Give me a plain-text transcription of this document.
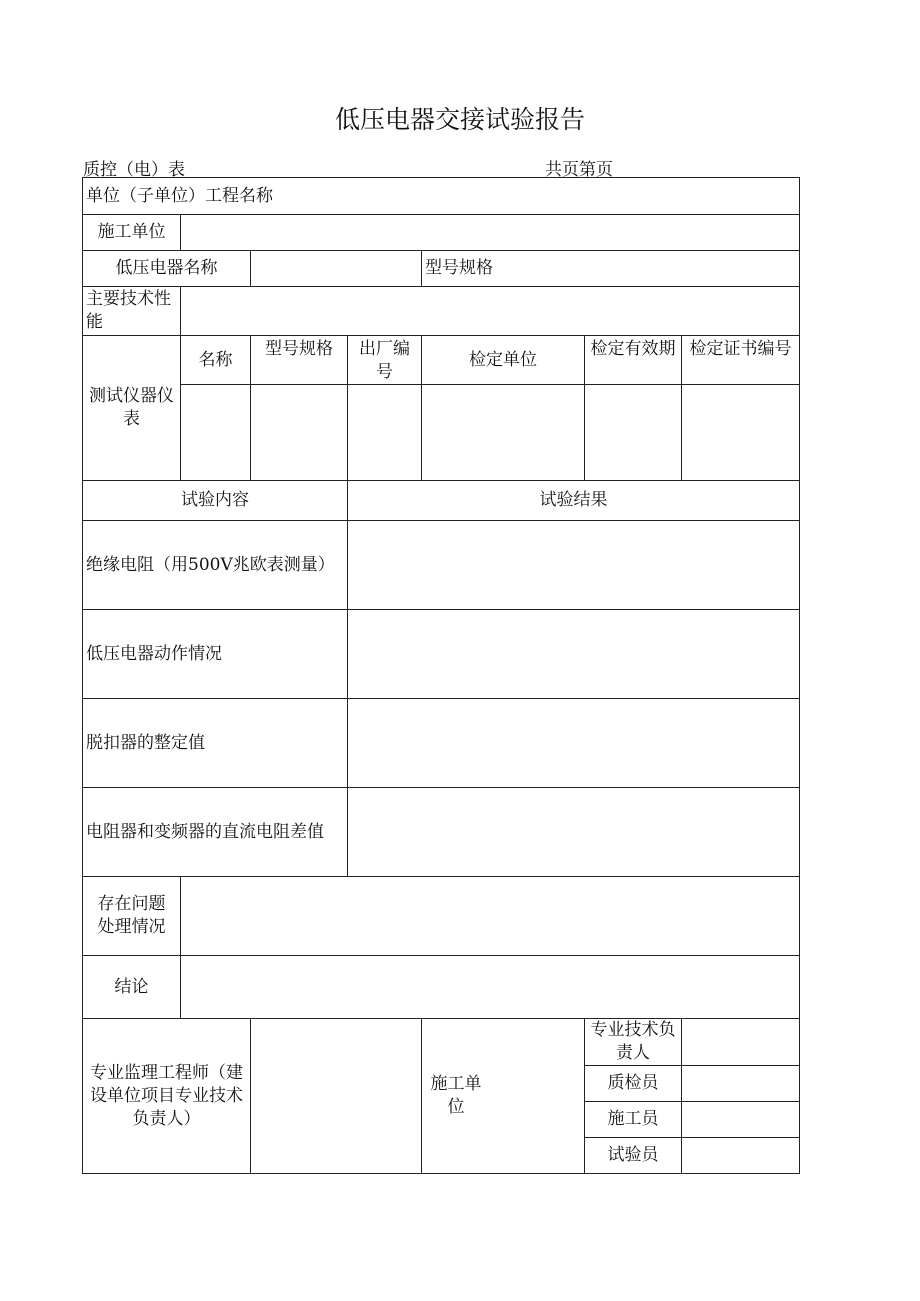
低压电器交接试验报告
质控（电）表	共页第页
单位（子单位）工程名称						
施工单位						
低压电器名称				型号规格		
主要技术性能						
测试仪器仪表	名称	型号规格	出厂编号	检定单位	检定有效期	检定证书编号

试验内容			试验结果			
绝缘电阻（用500V兆欧表测量）						
低压电器动作情况						
脱扣器的整定值						
电阻器和变频器的直流电阻差值						
存在问题处理情况						
结论						
专业监理工程师（建设单位项目专业技术负责人）				施工单位	专业技术负责人	
					质检员	
					施工员	
					试验员	
